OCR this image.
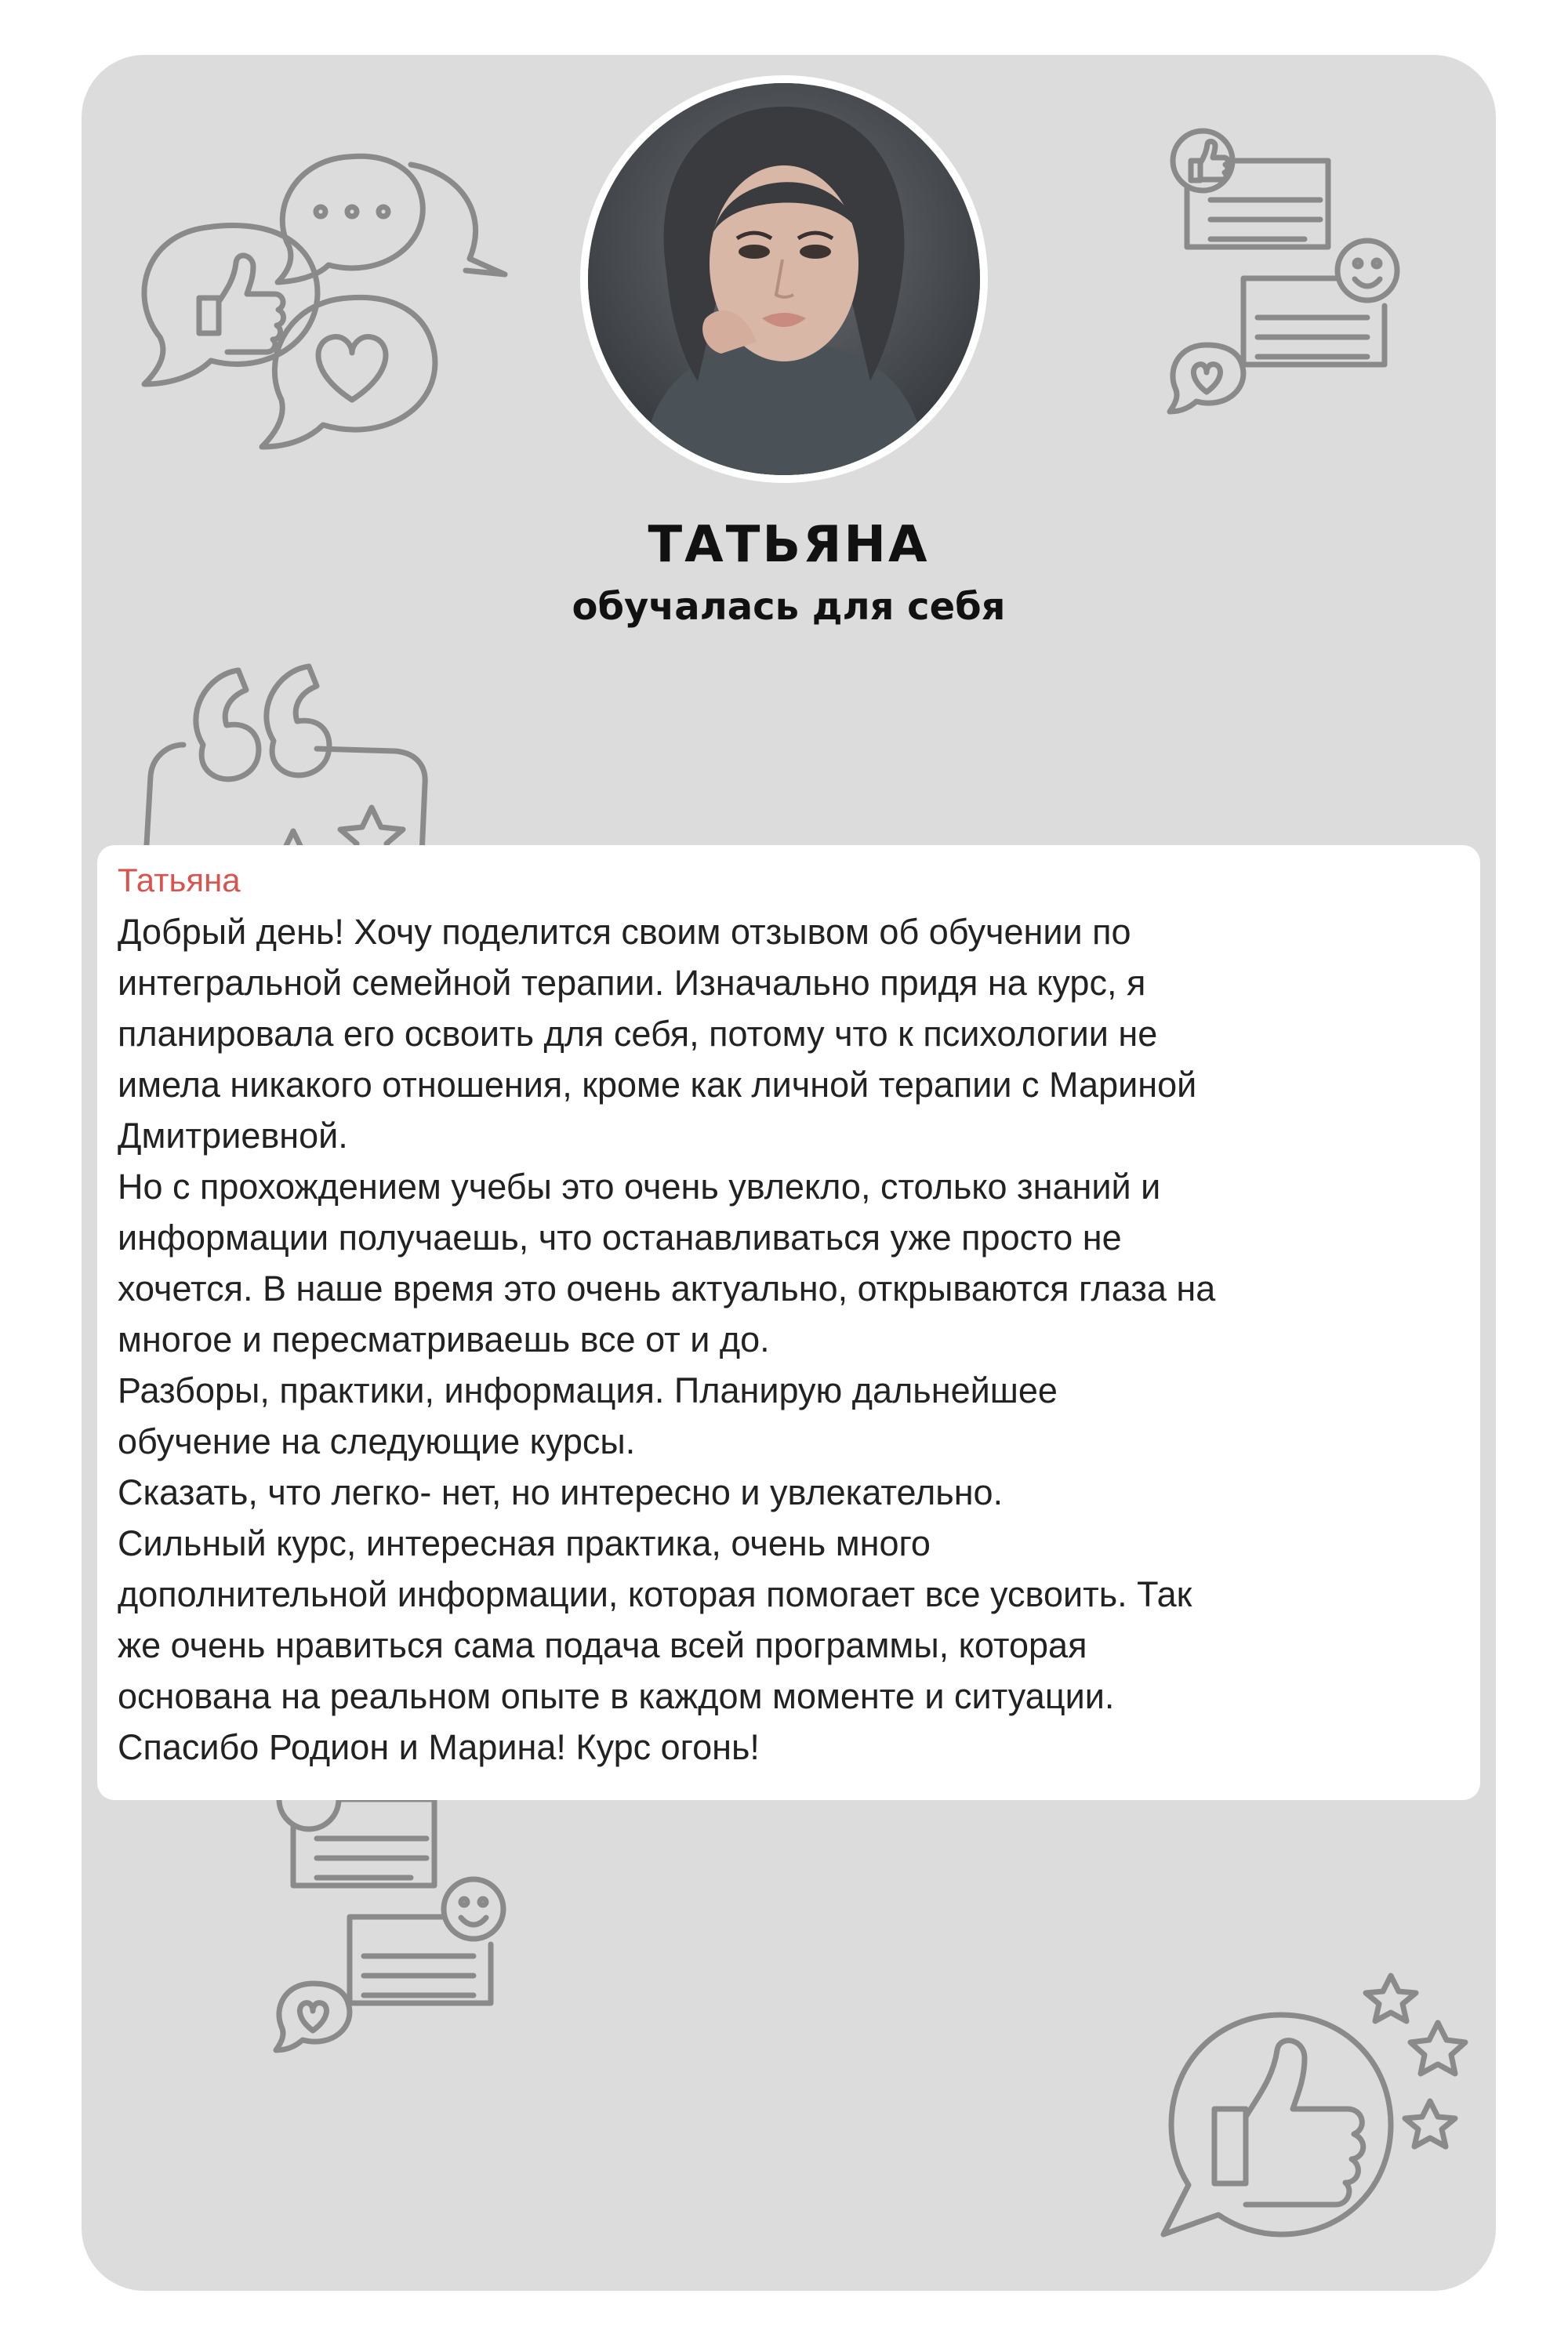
ТАТЬЯНА

обучалась для себя

Татьяна
Добрый день! Хочу поделится своим отзывом об обучении по
интегральной семейной терапии. Изначально придя на курс, я
планировала его освоить для себя, потому что к психологии не
имела никакого отношения, кроме как личной терапии с Мариной
Дмитриевной.
Но с прохождением учебы это очень увлекло, столько знаний и
информации получаешь, что останавливаться уже просто не
хочется. В наше время это очень актуально, открываются глаза на
многое и пересматриваешь все от и до.
Разборы, практики, информация. Планирую дальнейшее
обучение на следующие курсы.
Сказать, что легко- нет, но интересно и увлекательно.
Сильный курс, интересная практика, очень много
дополнительной информации, которая помогает все усвоить. Так
же очень нравиться сама подача всей программы, которая
основана на реальном опыте в каждом моменте и ситуации.
Спасибо Родион и Марина! Курс огонь!
